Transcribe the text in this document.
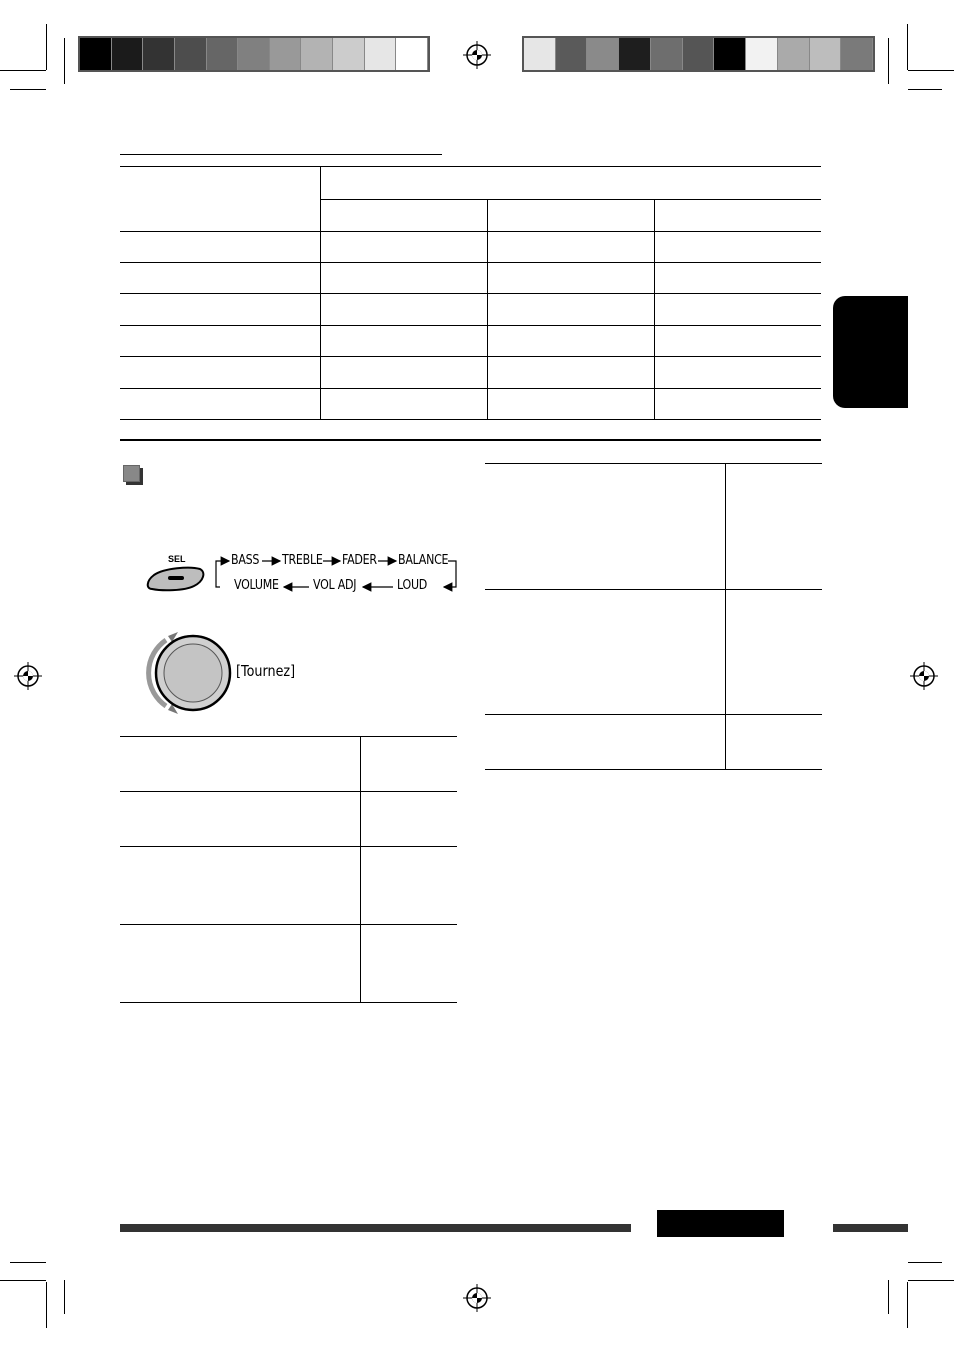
SEL	BASS TREBLE FADER BALANCE
VOLUME	VOL ADJ	LOUD
[Tournez]
